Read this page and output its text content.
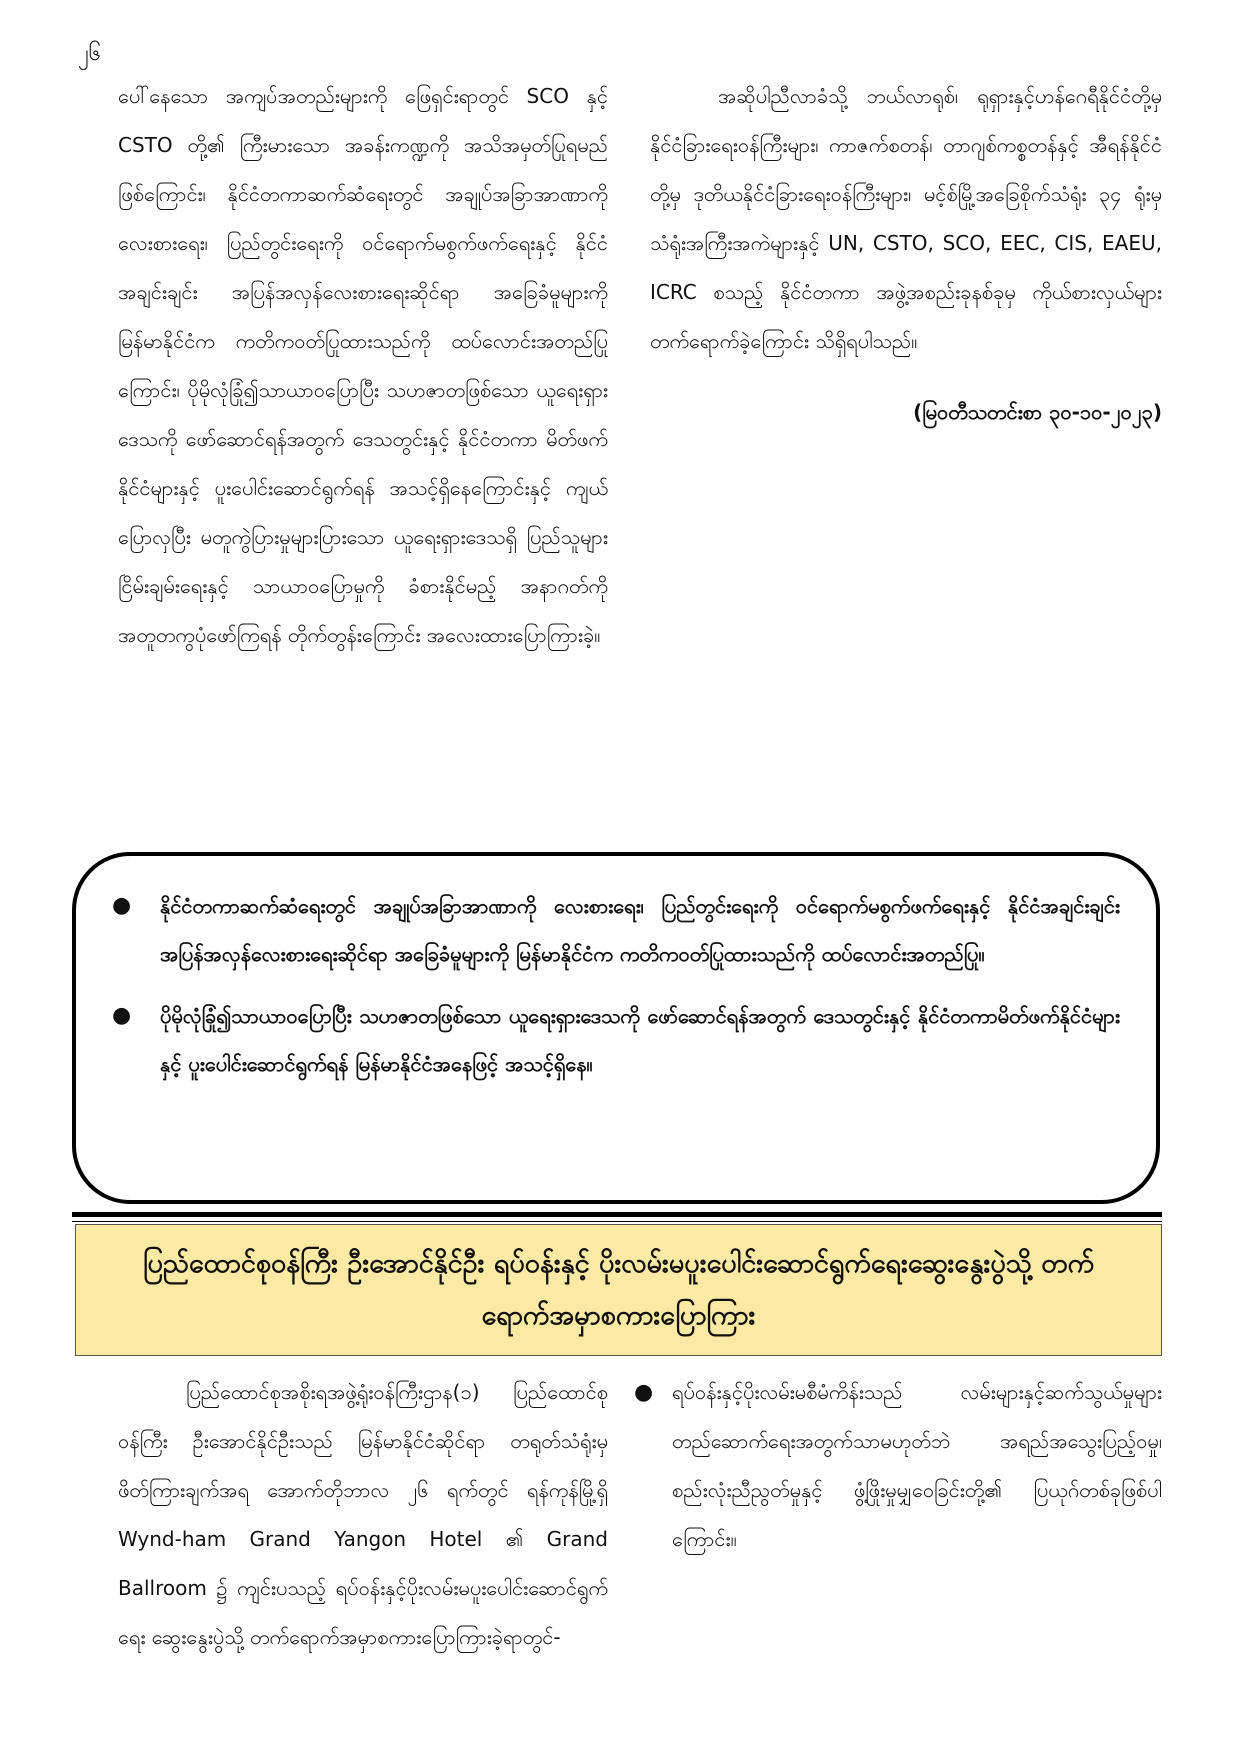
၂၆

ပေါ်နေသော အကျပ်အတည်းများကို ဖြေရှင်းရာတွင် SCO နှင့် CSTO တို့၏ ကြီးမားသော အခန်းကဏ္ဍကို အသိအမှတ်ပြုရမည်ဖြစ်ကြောင်း၊ နိုင်ငံတကာဆက်ဆံရေးတွင် အချုပ်အခြာအာဏာကို လေးစားရေး၊ ပြည်တွင်းရေးကို ဝင်ရောက်မစွက်ဖက်ရေးနှင့် နိုင်ငံအချင်းချင်း အပြန်အလှန်လေးစားရေးဆိုင်ရာ အခြေခံမူများကို မြန်မာနိုင်ငံက ကတိကဝတ်ပြုထားသည်ကို ထပ်လောင်းအတည်ပြုကြောင်း၊ ပိုမိုလုံခြုံ၍သာယာဝပြောပြီး သဟဇာတဖြစ်သော ယူရေးရှားဒေသကို ဖော်ဆောင်ရန်အတွက် ဒေသတွင်းနှင့် နိုင်ငံတကာ မိတ်ဖက်နိုင်ငံများနှင့် ပူးပေါင်းဆောင်ရွက်ရန် အသင့်ရှိနေကြောင်းနှင့် ကျယ်ပြောလှပြီး မတူကွဲပြားမှုများပြားသော ယူရေးရှားဒေသရှိ ပြည်သူများ ငြိမ်းချမ်းရေးနှင့် သာယာဝပြောမှုကို ခံစားနိုင်မည့် အနာဂတ်ကို အတူတကွပုံဖော်ကြရန် တိုက်တွန်းကြောင်း အလေးထားပြောကြားခဲ့။

အဆိုပါညီလာခံသို့ ဘယ်လာရုစ်၊ ရုရှားနှင့်ဟန်ဂေရီနိုင်ငံတို့မှ နိုင်ငံခြားရေးဝန်ကြီးများ၊ ကာဇက်စတန်၊ တာဂျစ်ကစ္စတန်နှင့် အီရန်နိုင်ငံတို့မှ ဒုတိယနိုင်ငံခြားရေးဝန်ကြီးများ၊ မင့်စ်မြို့အခြေစိုက်သံရုံး ၃၄ ရုံးမှ သံရုံးအကြီးအကဲများနှင့် UN, CSTO, SCO, EEC, CIS, EAEU, ICRC စသည့် နိုင်ငံတကာ အဖွဲ့အစည်းခုနစ်ခုမှ ကိုယ်စားလှယ်များ တက်ရောက်ခဲ့ကြောင်း သိရှိရပါသည်။

(မြဝတီသတင်းစာ ၃၀-၁၀-၂၀၂၃)

● နိုင်ငံတကာဆက်ဆံရေးတွင် အချုပ်အခြာအာဏာကို လေးစားရေး၊ ပြည်တွင်းရေးကို ဝင်ရောက်မစွက်ဖက်ရေးနှင့် နိုင်ငံအချင်းချင်း အပြန်အလှန်လေးစားရေးဆိုင်ရာ အခြေခံမူများကို မြန်မာနိုင်ငံက ကတိကဝတ်ပြုထားသည်ကို ထပ်လောင်းအတည်ပြု။
● ပိုမိုလုံခြုံ၍သာယာဝပြောပြီး သဟဇာတဖြစ်သော ယူရေးရှားဒေသကို ဖော်ဆောင်ရန်အတွက် ဒေသတွင်းနှင့် နိုင်ငံတကာမိတ်ဖက်နိုင်ငံများနှင့် ပူးပေါင်းဆောင်ရွက်ရန် မြန်မာနိုင်ငံအနေဖြင့် အသင့်ရှိနေ။
ပြည်ထောင်စုဝန်ကြီး ဦးအောင်နိုင်ဦး ရပ်ဝန်းနှင့် ပိုးလမ်းမပူးပေါင်းဆောင်ရွက်ရေးဆွေးနွေးပွဲသို့ တက်ရောက်အမှာစကားပြောကြား

ပြည်ထောင်စုအစိုးရအဖွဲ့ရုံးဝန်ကြီးဌာန(၁) ပြည်ထောင်စုဝန်ကြီး ဦးအောင်နိုင်ဦးသည် မြန်မာနိုင်ငံဆိုင်ရာ တရုတ်သံရုံးမှ ဖိတ်ကြားချက်အရ အောက်တိုဘာလ ၂၆ ရက်တွင် ရန်ကုန်မြို့ရှိ Wynd-ham Grand Yangon Hotel ၏ Grand Ballroom ၌ ကျင်းပသည့် ရပ်ဝန်းနှင့်ပိုးလမ်းမပူးပေါင်းဆောင်ရွက်ရေး ဆွေးနွေးပွဲသို့ တက်ရောက်အမှာစကားပြောကြားခဲ့ရာတွင်-

● ရပ်ဝန်းနှင့်ပိုးလမ်းမစီမံကိန်းသည် လမ်းများနှင့်ဆက်သွယ်မှုများ တည်ဆောက်ရေးအတွက်သာမဟုတ်ဘဲ အရည်အသွေးပြည့်ဝမှု၊ စည်းလုံးညီညွတ်မှုနှင့် ဖွံ့ဖြိုးမှုမျှဝေခြင်းတို့၏ ပြယုဂ်တစ်ခုဖြစ်ပါကြောင်း။
